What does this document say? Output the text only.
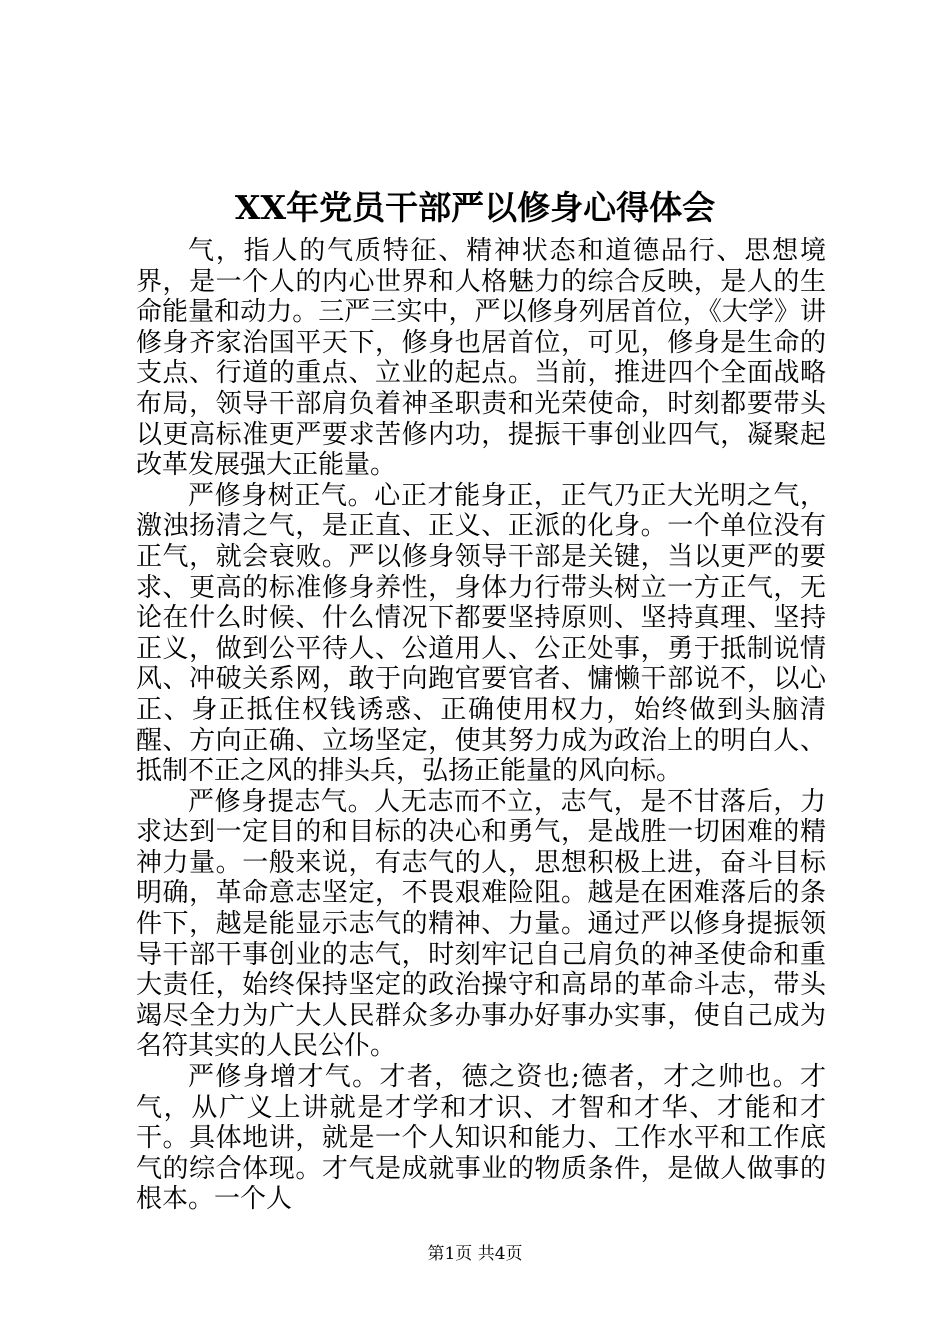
XX年党员干部严以修身心得体会

气，指人的气质特征、精神状态和道德品行、思想境界，是一个人的内心世界和人格魅力的综合反映，是人的生命能量和动力。三严三实中，严以修身列居首位，《大学》讲修身齐家治国平天下，修身也居首位，可见，修身是生命的支点、行道的重点、立业的起点。当前，推进四个全面战略布局，领导干部肩负着神圣职责和光荣使命，时刻都要带头以更高标准更严要求苦修内功，提振干事创业四气，凝聚起改革发展强大正能量。

严修身树正气。心正才能身正，正气乃正大光明之气，激浊扬清之气，是正直、正义、正派的化身。一个单位没有正气，就会衰败。严以修身领导干部是关键，当以更严的要求、更高的标准修身养性，身体力行带头树立一方正气，无论在什么时候、什么情况下都要坚持原则、坚持真理、坚持正义，做到公平待人、公道用人、公正处事，勇于抵制说情风、冲破关系网，敢于向跑官要官者、慵懒干部说不，以心正、身正抵住权钱诱惑、正确使用权力，始终做到头脑清醒、方向正确、立场坚定，使其努力成为政治上的明白人、抵制不正之风的排头兵，弘扬正能量的风向标。

严修身提志气。人无志而不立，志气，是不甘落后，力求达到一定目的和目标的决心和勇气，是战胜一切困难的精神力量。一般来说，有志气的人，思想积极上进，奋斗目标明确，革命意志坚定，不畏艰难险阻。越是在困难落后的条件下，越是能显示志气的精神、力量。通过严以修身提振领导干部干事创业的志气，时刻牢记自己肩负的神圣使命和重大责任，始终保持坚定的政治操守和高昂的革命斗志，带头竭尽全力为广大人民群众多办事办好事办实事，使自己成为名符其实的人民公仆。

严修身增才气。才者，德之资也;德者，才之帅也。才气，从广义上讲就是才学和才识、才智和才华、才能和才干。具体地讲，就是一个人知识和能力、工作水平和工作底气的综合体现。才气是成就事业的物质条件，是做人做事的根本。一个人

第1页 共4页
